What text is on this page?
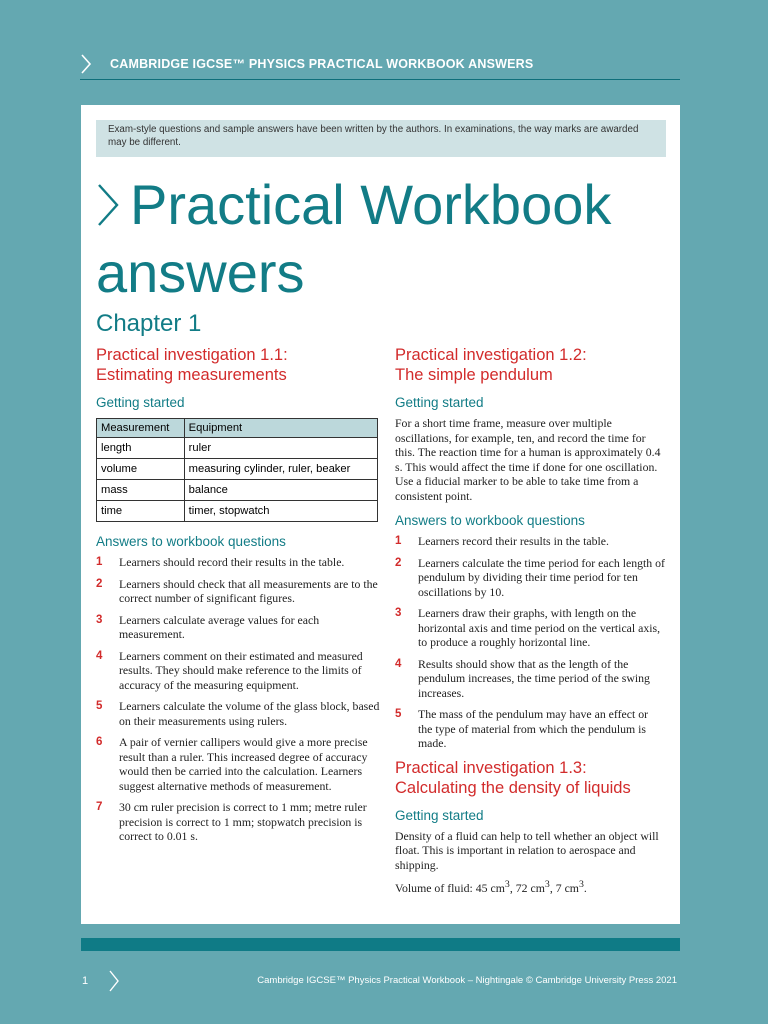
CAMBRIDGE IGCSE™ PHYSICS PRACTICAL WORKBOOK ANSWERS
Exam-style questions and sample answers have been written by the authors. In examinations, the way marks are awarded may be different.
Practical Workbook
answers
Chapter 1

Practical investigation 1.1:
Estimating measurements

Getting started
Measurement	Equipment
length	ruler
volume	measuring cylinder, ruler, beaker
mass	balance
time	timer, stopwatch
Answers to workbook questions
1 Learners should record their results in the table.
2 Learners should check that all measurements are to the correct number of significant figures.
3 Learners calculate average values for each measurement.
4 Learners comment on their estimated and measured results. They should make reference to the limits of accuracy of the measuring equipment.
5 Learners calculate the volume of the glass block, based on their measurements using rulers.
6 A pair of vernier callipers would give a more precise result than a ruler. This increased degree of accuracy would then be carried into the calculation. Learners suggest alternative methods of measurement.
7 30 cm ruler precision is correct to 1 mm; metre ruler precision is correct to 1 mm; stopwatch precision is correct to 0.01 s.

Practical investigation 1.2:
The simple pendulum

Getting started

For a short time frame, measure over multiple oscillations, for example, ten, and record the time for this. The reaction time for a human is approximately 0.4 s. This would affect the time if done for one oscillation. Use a fiducial marker to be able to take time from a consistent point.

Answers to workbook questions
1 Learners record their results in the table.
2 Learners calculate the time period for each length of pendulum by dividing their time period for ten oscillations by 10.
3 Learners draw their graphs, with length on the horizontal axis and time period on the vertical axis, to produce a roughly horizontal line.
4 Results should show that as the length of the pendulum increases, the time period of the swing increases.
5 The mass of the pendulum may have an effect or the type of material from which the pendulum is made.

Practical investigation 1.3:
Calculating the density of liquids

Getting started

Density of a fluid can help to tell whether an object will float. This is important in relation to aerospace and shipping.

Volume of fluid: 45 $cm^3$, 72 $cm^3$, 7 $cm^3$.

1	Cambridge IGCSE™ Physics Practical Workbook – Nightingale © Cambridge University Press 2021
